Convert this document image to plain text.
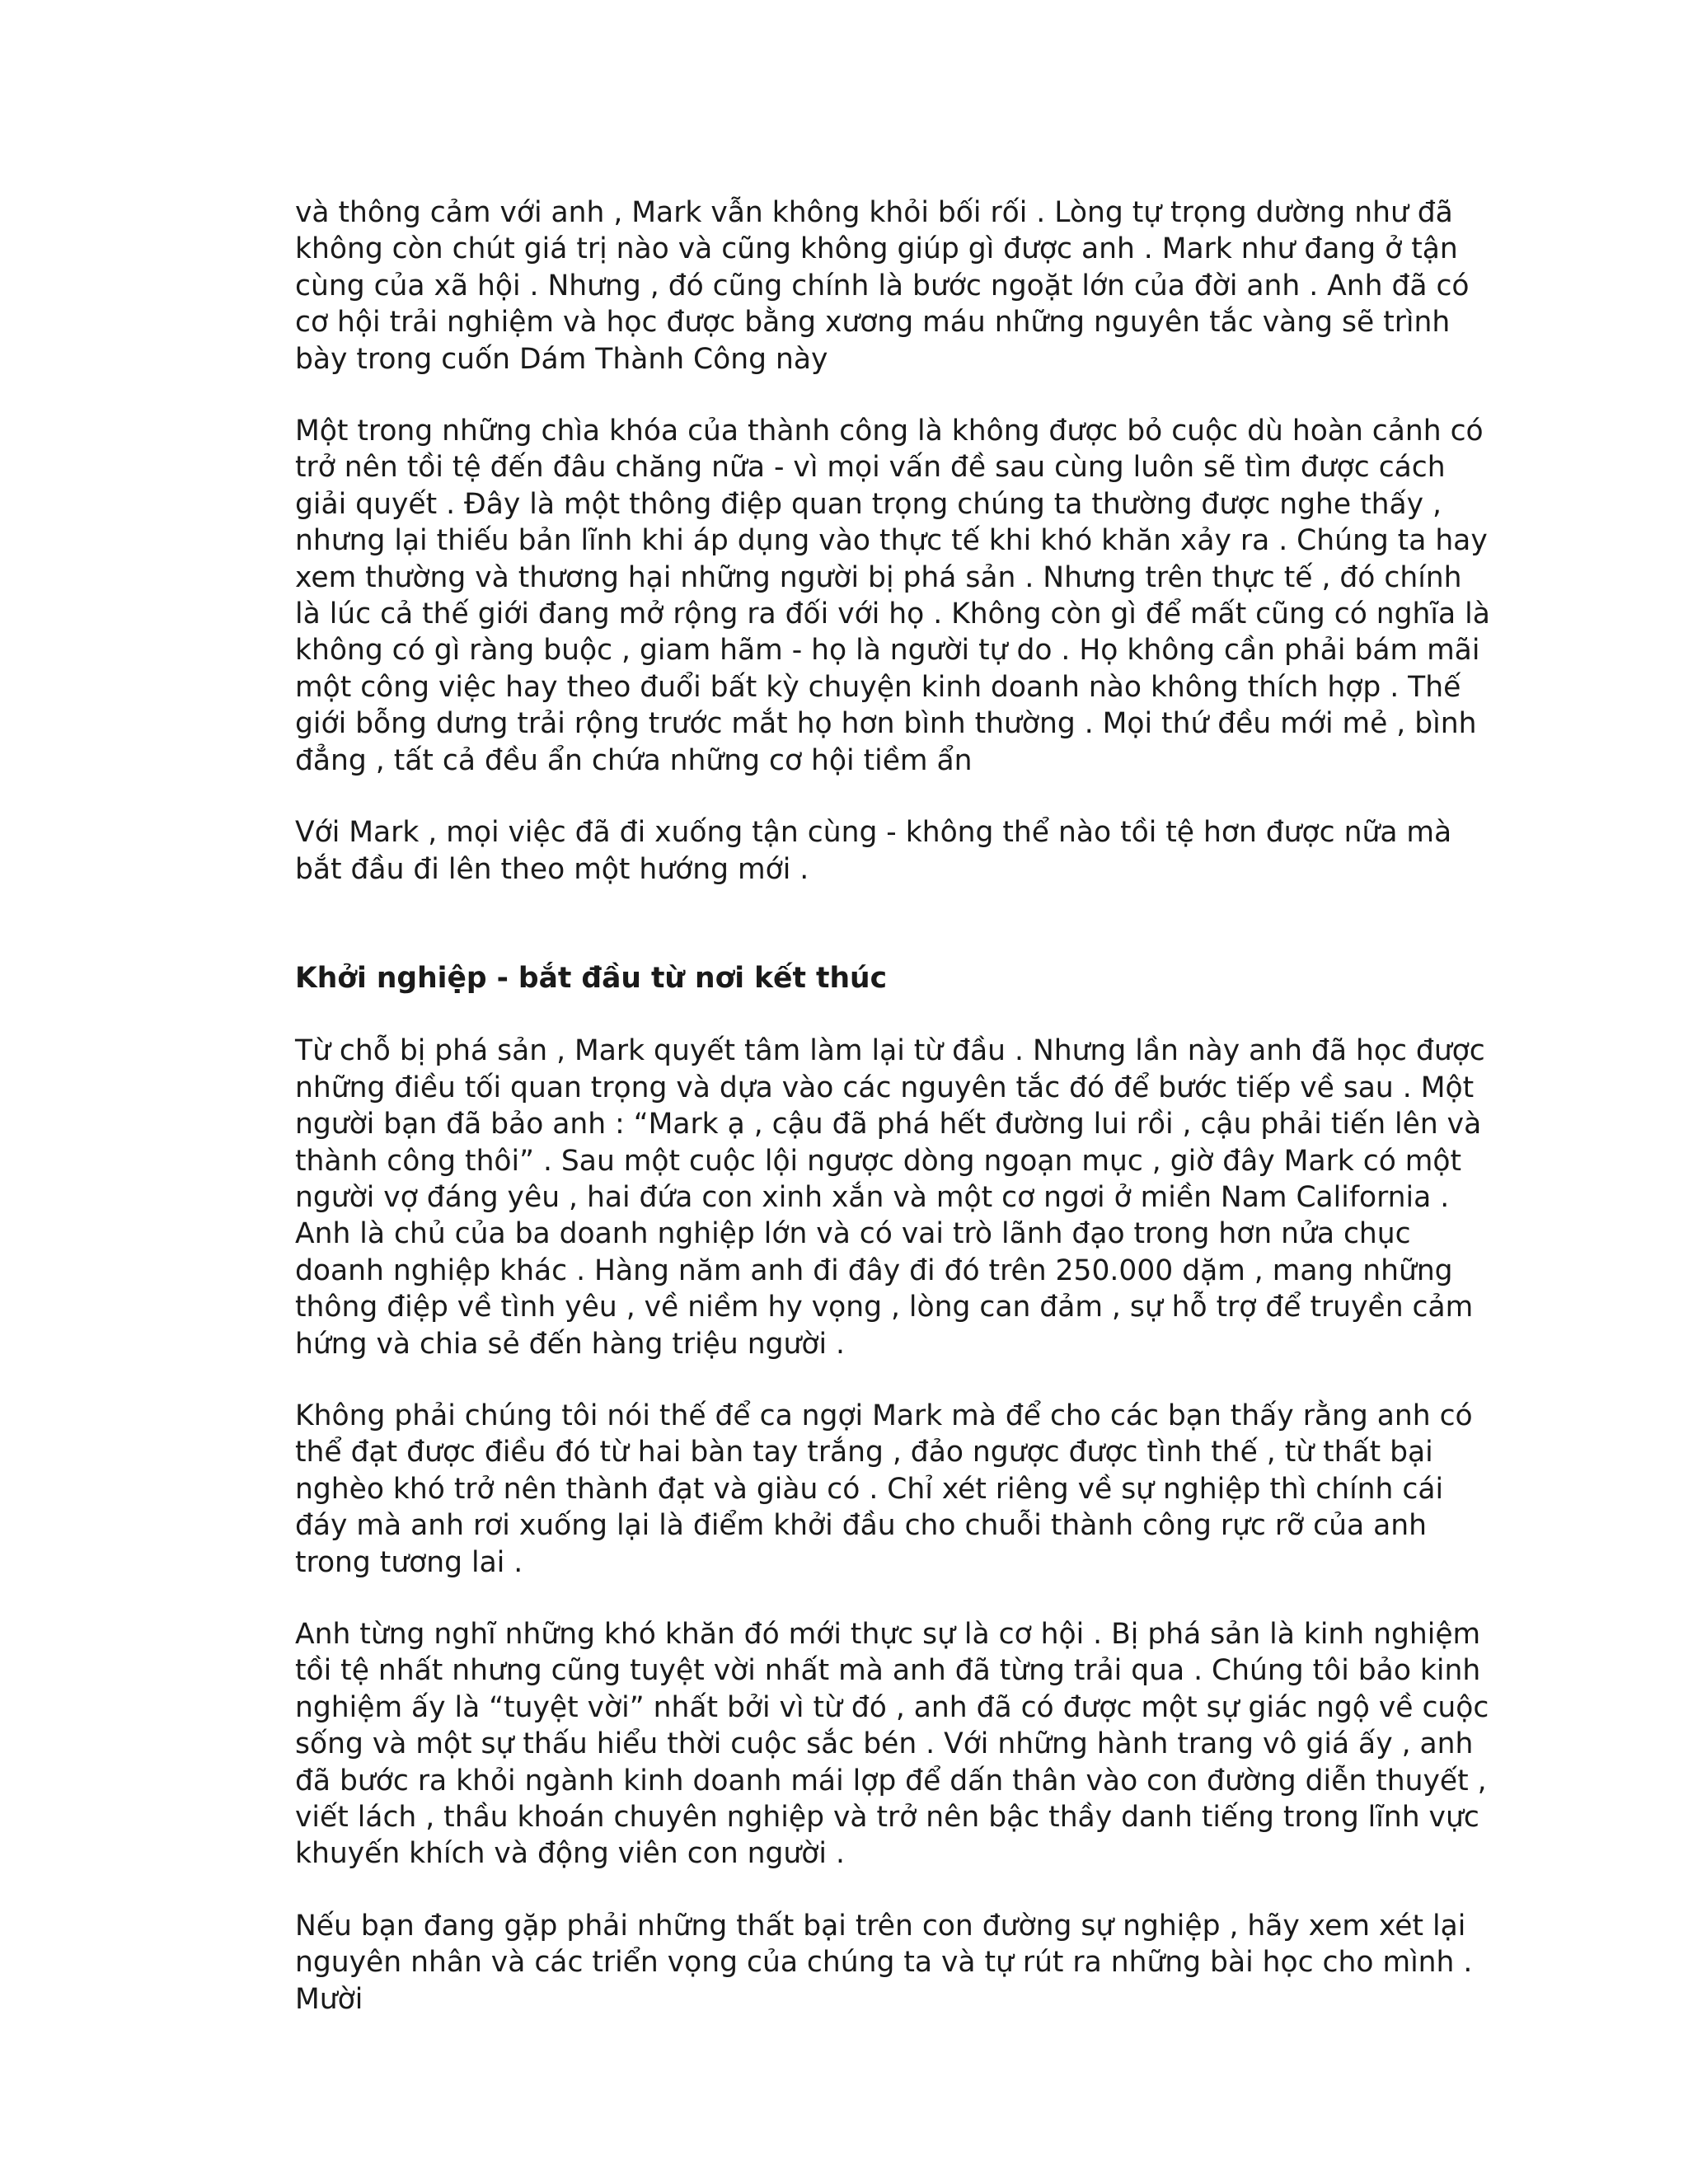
và thông cảm với anh , Mark vẫn không khỏi bối rối . Lòng tự trọng dường như đã không còn chút giá trị nào và cũng không giúp gì được anh . Mark như đang ở tận cùng của xã hội . Nhưng , đó cũng chính là bước ngoặt lớn của đời anh . Anh đã có cơ hội trải nghiệm và học được bằng xương máu những nguyên tắc vàng sẽ trình bày trong cuốn Dám Thành Công này

Một trong những chìa khóa của thành công là không được bỏ cuộc dù hoàn cảnh có trở nên tồi tệ đến đâu chăng nữa - vì mọi vấn đề sau cùng luôn sẽ tìm được cách giải quyết . Đây là một thông điệp quan trọng chúng ta thường được nghe thấy , nhưng lại thiếu bản lĩnh khi áp dụng vào thực tế khi khó khăn xảy ra . Chúng ta hay xem thường và thương hại những người bị phá sản . Nhưng trên thực tế , đó chính là lúc cả thế giới đang mở rộng ra đối với họ . Không còn gì để mất cũng có nghĩa là không có gì ràng buộc , giam hãm - họ là người tự do . Họ không cần phải bám mãi một công việc hay theo đuổi bất kỳ chuyện kinh doanh nào không thích hợp . Thế giới bỗng dưng trải rộng trước mắt họ hơn bình thường . Mọi thứ đều mới mẻ , bình đẳng , tất cả đều ẩn chứa những cơ hội tiềm ẩn

Với Mark , mọi việc đã đi xuống tận cùng - không thể nào tồi tệ hơn được nữa mà bắt đầu đi lên theo một hướng mới .

Khởi nghiệp - bắt đầu từ nơi kết thúc

Từ chỗ bị phá sản , Mark quyết tâm làm lại từ đầu . Nhưng lần này anh đã học được những điều tối quan trọng và dựa vào các nguyên tắc đó để bước tiếp về sau . Một người bạn đã bảo anh : “Mark ạ , cậu đã phá hết đường lui rồi , cậu phải tiến lên và thành công thôi” . Sau một cuộc lội ngược dòng ngoạn mục , giờ đây Mark có một người vợ đáng yêu , hai đứa con xinh xắn và một cơ ngơi ở miền Nam California . Anh là chủ của ba doanh nghiệp lớn và có vai trò lãnh đạo trong hơn nửa chục doanh nghiệp khác . Hàng năm anh đi đây đi đó trên 250.000 dặm , mang những thông điệp về tình yêu , về niềm hy vọng , lòng can đảm , sự hỗ trợ để truyền cảm hứng và chia sẻ đến hàng triệu người .

Không phải chúng tôi nói thế để ca ngợi Mark mà để cho các bạn thấy rằng anh có thể đạt được điều đó từ hai bàn tay trắng , đảo ngược được tình thế , từ thất bại nghèo khó trở nên thành đạt và giàu có . Chỉ xét riêng về sự nghiệp thì chính cái đáy mà anh rơi xuống lại là điểm khởi đầu cho chuỗi thành công rực rỡ của anh trong tương lai .

Anh từng nghĩ những khó khăn đó mới thực sự là cơ hội . Bị phá sản là kinh nghiệm tồi tệ nhất nhưng cũng tuyệt vời nhất mà anh đã từng trải qua . Chúng tôi bảo kinh nghiệm ấy là “tuyệt vời” nhất bởi vì từ đó , anh đã có được một sự giác ngộ về cuộc sống và một sự thấu hiểu thời cuộc sắc bén . Với những hành trang vô giá ấy , anh đã bước ra khỏi ngành kinh doanh mái lợp để dấn thân vào con đường diễn thuyết , viết lách , thầu khoán chuyên nghiệp và trở nên bậc thầy danh tiếng trong lĩnh vực khuyến khích và động viên con người .

Nếu bạn đang gặp phải những thất bại trên con đường sự nghiệp , hãy xem xét lại nguyên nhân và các triển vọng của chúng ta và tự rút ra những bài học cho mình . Mười
